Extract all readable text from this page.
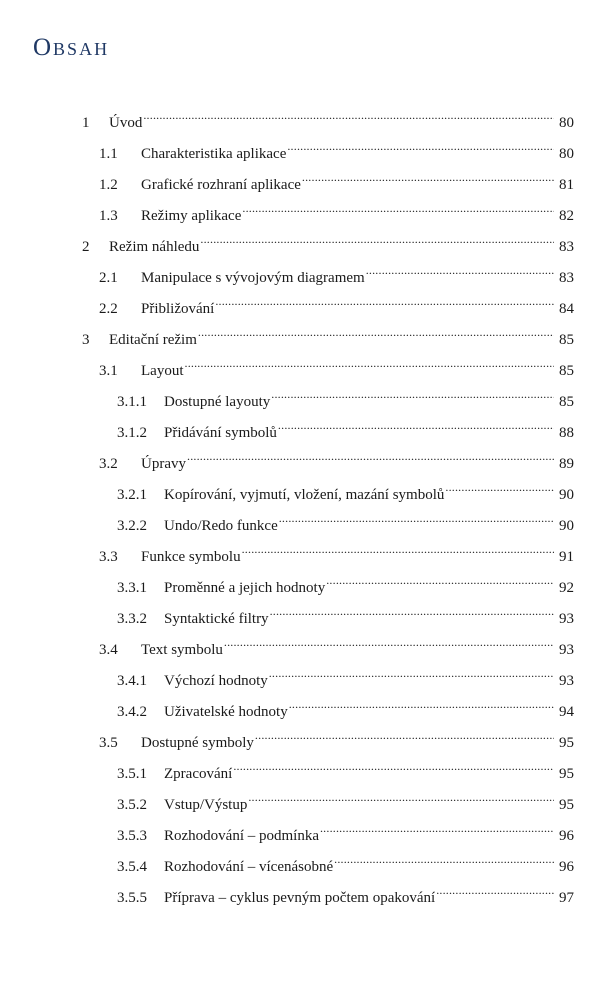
Obsah
1	Úvod .....	80
1.1	Charakteristika aplikace .....	80
1.2	Grafické rozhraní aplikace .....	81
1.3	Režimy aplikace .....	82
2	Režim náhledu .....	83
2.1	Manipulace s vývojovým diagramem .....	83
2.2	Přibližování .....	84
3	Editační režim .....	85
3.1	Layout .....	85
3.1.1	Dostupné layouty .....	85
3.1.2	Přidávání symbolů .....	88
3.2	Úpravy .....	89
3.2.1	Kopírování, vyjmutí, vložení, mazání symbolů .....	90
3.2.2	Undo/Redo funkce .....	90
3.3	Funkce symbolu .....	91
3.3.1	Proměnné a jejich hodnoty .....	92
3.3.2	Syntaktické filtry .....	93
3.4	Text symbolu .....	93
3.4.1	Výchozí hodnoty .....	93
3.4.2	Uživatelské hodnoty .....	94
3.5	Dostupné symboly .....	95
3.5.1	Zpracování .....	95
3.5.2	Vstup/Výstup .....	95
3.5.3	Rozhodování – podmínka .....	96
3.5.4	Rozhodování – vícenásobné .....	96
3.5.5	Příprava – cyklus pevným počtem opakování .....	97
